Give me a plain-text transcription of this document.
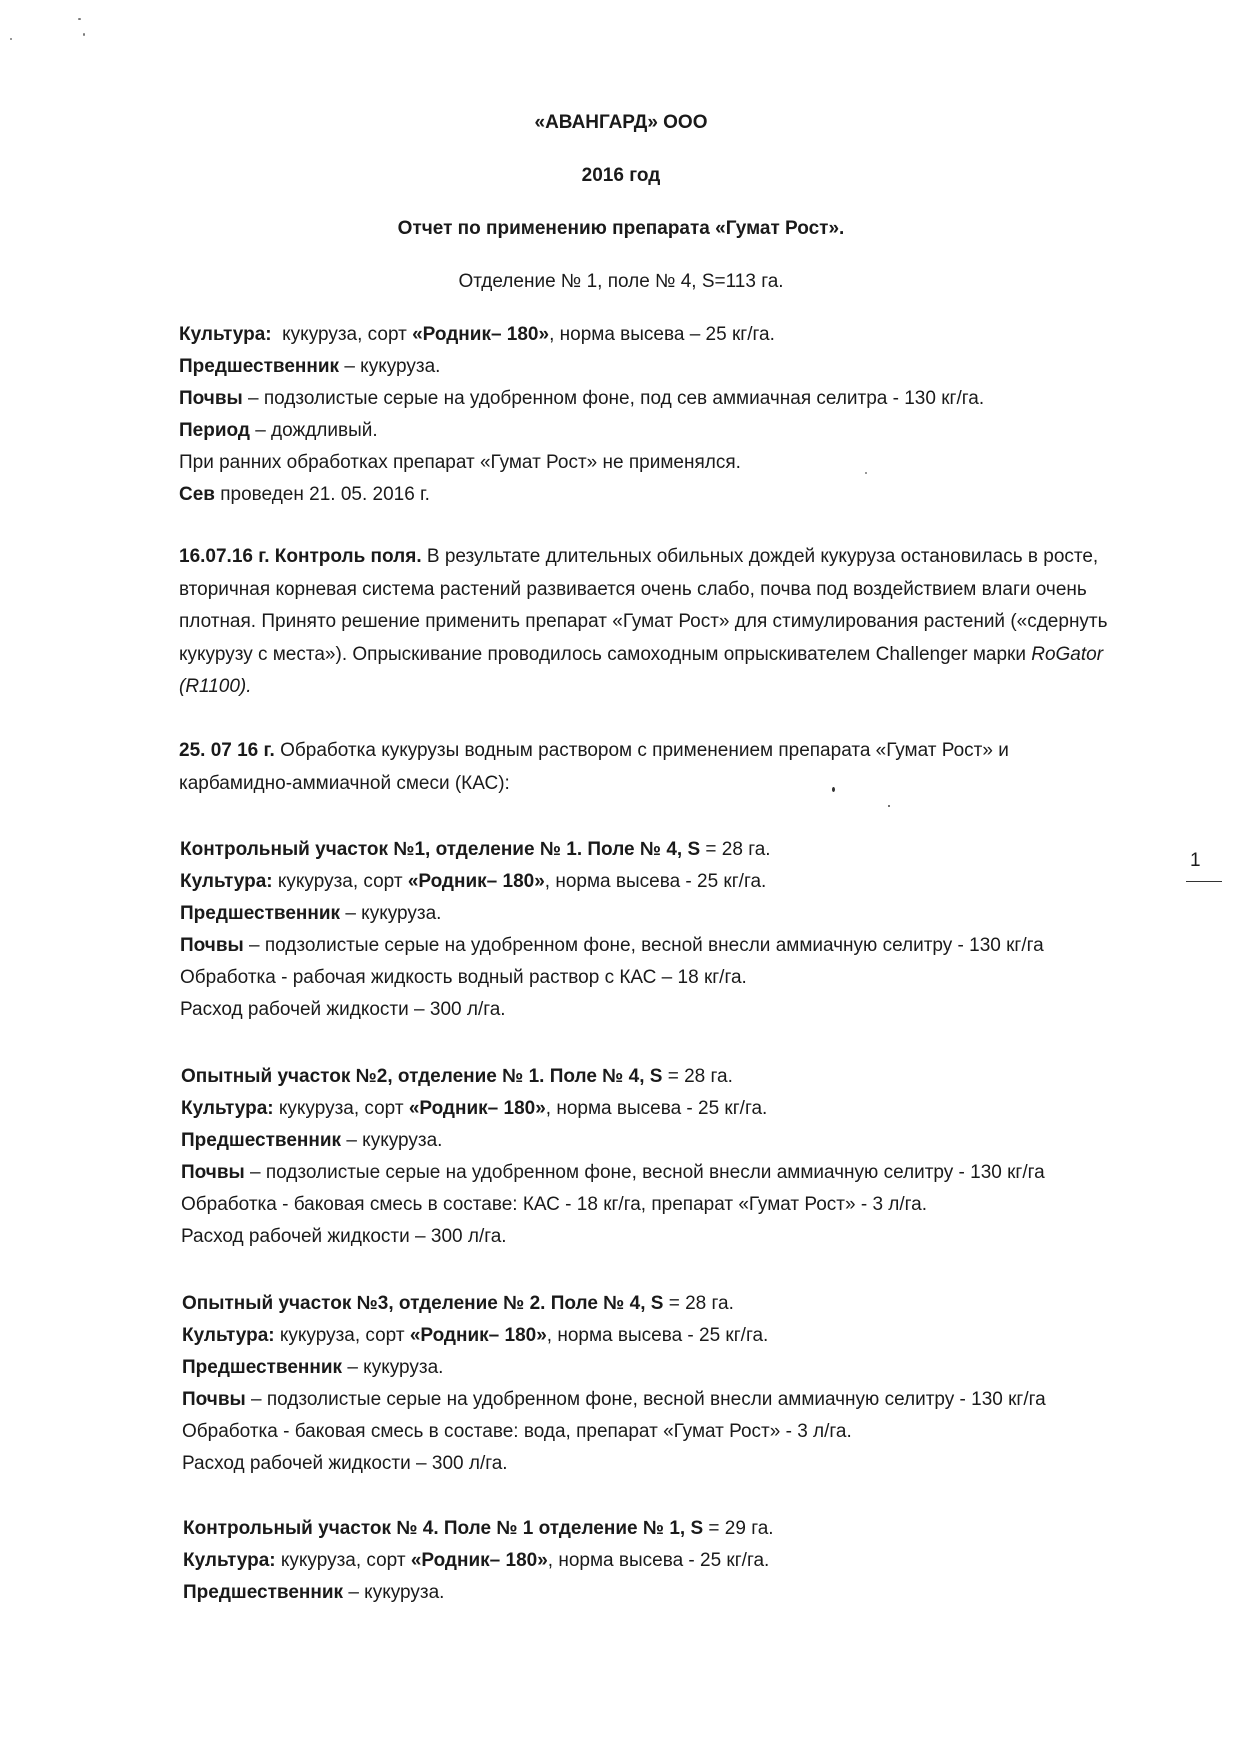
«АВАНГАРД» ООО
2016 год
Отчет по применению препарата «Гумат Рост».
Отделение № 1, поле № 4, S=113 га.
Культура: кукуруза, сорт «Родник– 180», норма высева – 25 кг/га.
Предшественник – кукуруза.
Почвы – подзолистые серые на удобренном фоне, под сев аммиачная селитра - 130 кг/га.
Период – дождливый.
При ранних обработках препарат «Гумат Рост» не применялся.
Сев проведен 21. 05. 2016 г.
16.07.16 г. Контроль поля. В результате длительных обильных дождей кукуруза остановилась в росте, вторичная корневая система растений развивается очень слабо, почва под воздействием влаги очень плотная. Принято решение применить препарат «Гумат Рост» для стимулирования растений («сдернуть кукурузу с места»). Опрыскивание проводилось самоходным опрыскивателем Challenger марки RoGator (R1100).
25. 07 16 г. Обработка кукурузы водным раствором с применением препарата «Гумат Рост» и карбамидно-аммиачной смеси (КАС):
Контрольный участок №1, отделение № 1. Поле № 4, S = 28 га.
Культура: кукуруза, сорт «Родник– 180», норма высева - 25 кг/га.
Предшественник – кукуруза.
Почвы – подзолистые серые на удобренном фоне, весной внесли аммиачную селитру - 130 кг/га
Обработка - рабочая жидкость водный раствор с КАС – 18 кг/га.
Расход рабочей жидкости – 300 л/га.
Опытный участок №2, отделение № 1. Поле № 4, S = 28 га.
Культура: кукуруза, сорт «Родник– 180», норма высева - 25 кг/га.
Предшественник – кукуруза.
Почвы – подзолистые серые на удобренном фоне, весной внесли аммиачную селитру - 130 кг/га
Обработка - баковая смесь в составе: КАС - 18 кг/га, препарат «Гумат Рост» - 3 л/га.
Расход рабочей жидкости – 300 л/га.
Опытный участок №3, отделение № 2. Поле № 4, S = 28 га.
Культура: кукуруза, сорт «Родник– 180», норма высева - 25 кг/га.
Предшественник – кукуруза.
Почвы – подзолистые серые на удобренном фоне, весной внесли аммиачную селитру - 130 кг/га
Обработка - баковая смесь в составе: вода, препарат «Гумат Рост» - 3 л/га.
Расход рабочей жидкости – 300 л/га.
Контрольный участок № 4. Поле № 1 отделение № 1, S = 29 га.
Культура: кукуруза, сорт «Родник– 180», норма высева - 25 кг/га.
Предшественник – кукуруза.
1
